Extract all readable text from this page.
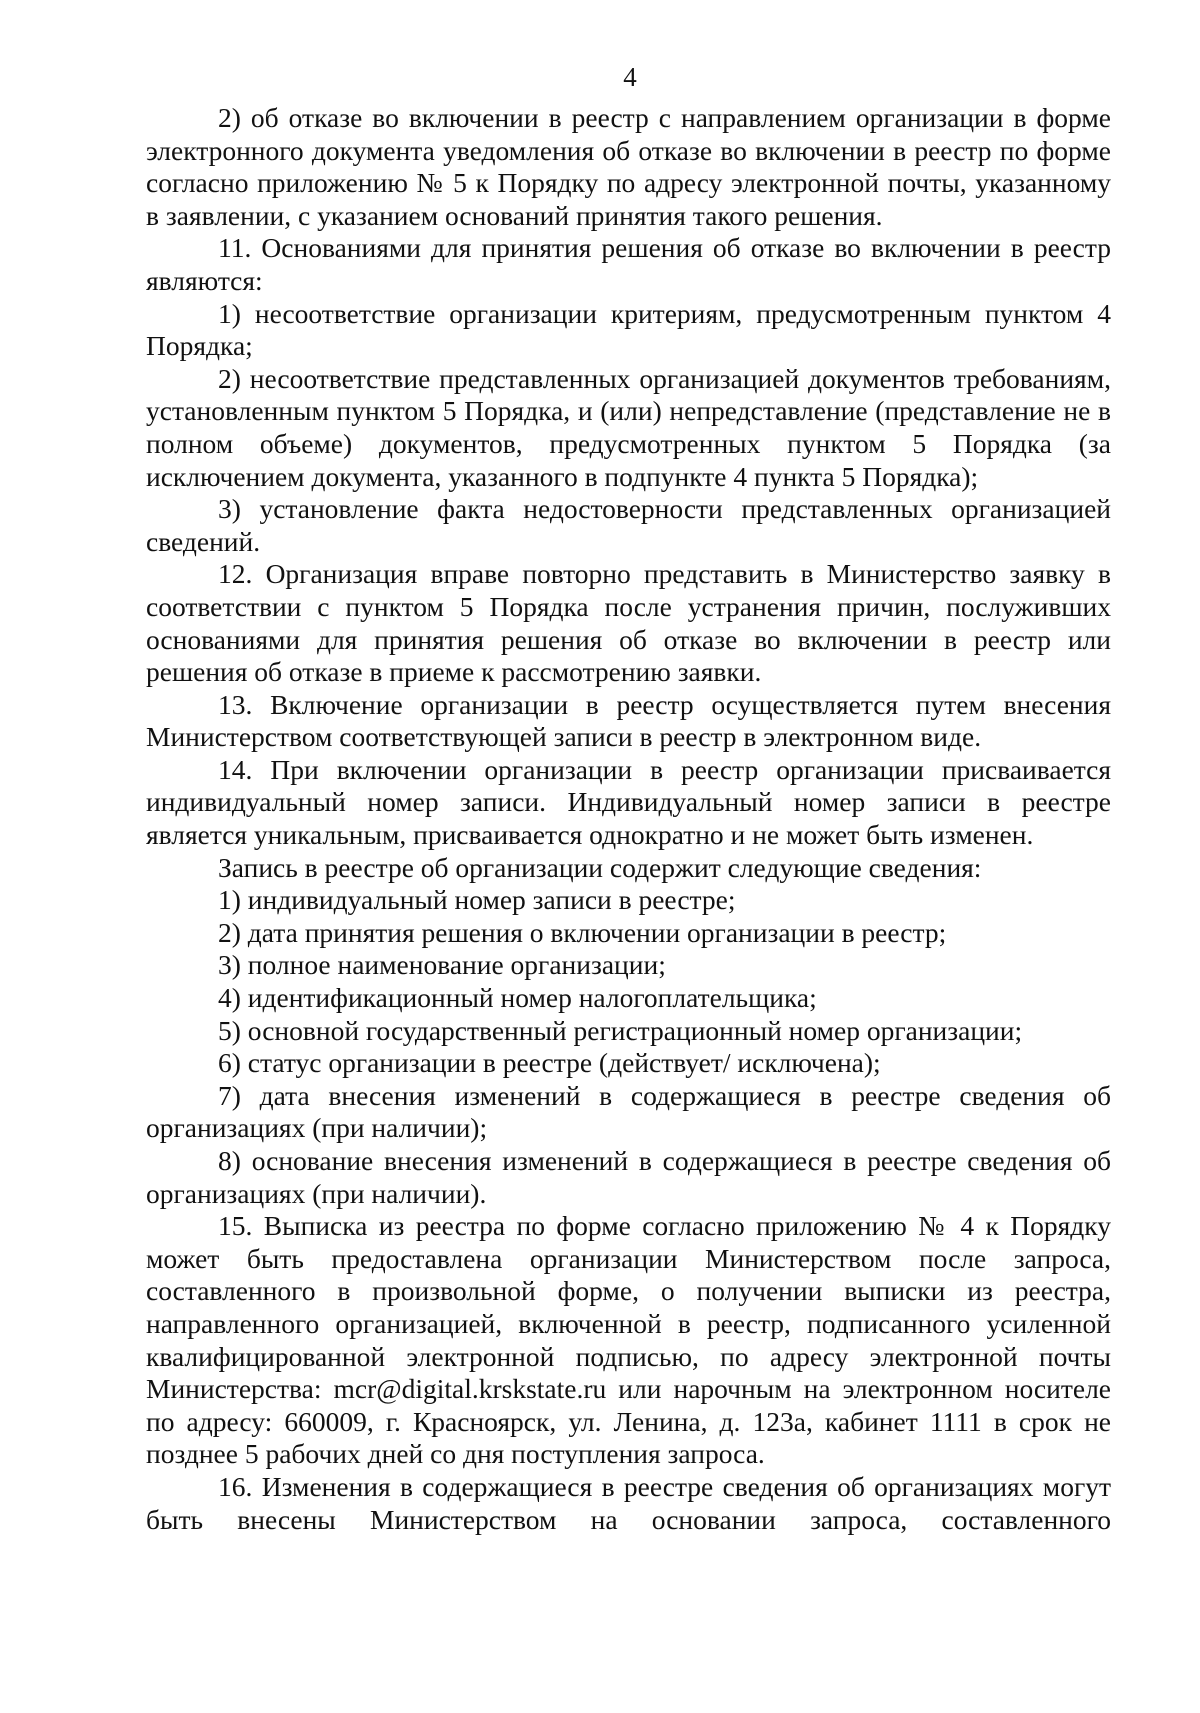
4

2) об отказе во включении в реестр с направлением организации в форме электронного документа уведомления об отказе во включении в реестр по форме согласно приложению № 5 к Порядку по адресу электронной почты, указанному в заявлении, с указанием оснований принятия такого решения.

11. Основаниями для принятия решения об отказе во включении в реестр являются:

1) несоответствие организации критериям, предусмотренным пунктом 4 Порядка;

2) несоответствие представленных организацией документов требованиям, установленным пунктом 5 Порядка, и (или) непредставление (представление не в полном объеме) документов, предусмотренных пунктом 5 Порядка (за исключением документа, указанного в подпункте 4 пункта 5 Порядка);

3) установление факта недостоверности представленных организацией сведений.

12. Организация вправе повторно представить в Министерство заявку в соответствии с пунктом 5 Порядка после устранения причин, послуживших основаниями для принятия решения об отказе во включении в реестр или решения об отказе в приеме к рассмотрению заявки.

13. Включение организации в реестр осуществляется путем внесения Министерством соответствующей записи в реестр в электронном виде.

14. При включении организации в реестр организации присваивается индивидуальный номер записи. Индивидуальный номер записи в реестре является уникальным, присваивается однократно и не может быть изменен.

Запись в реестре об организации содержит следующие сведения:

1) индивидуальный номер записи в реестре;

2) дата принятия решения о включении организации в реестр;

3) полное наименование организации;

4) идентификационный номер налогоплательщика;

5) основной государственный регистрационный номер организации;

6) статус организации в реестре (действует/ исключена);

7) дата внесения изменений в содержащиеся в реестре сведения об организациях (при наличии);

8) основание внесения изменений в содержащиеся в реестре сведения об организациях (при наличии).

15. Выписка из реестра по форме согласно приложению № 4 к Порядку может быть предоставлена организации Министерством после запроса, составленного в произвольной форме, о получении выписки из реестра, направленного организацией, включенной в реестр, подписанного усиленной квалифицированной электронной подписью, по адресу электронной почты Министерства: mcr@digital.krskstate.ru или нарочным на электронном носителе по адресу: 660009, г. Красноярск, ул. Ленина, д. 123а, кабинет 1111 в срок не позднее 5 рабочих дней со дня поступления запроса.

16. Изменения в содержащиеся в реестре сведения об организациях могут быть внесены Министерством на основании запроса, составленного
